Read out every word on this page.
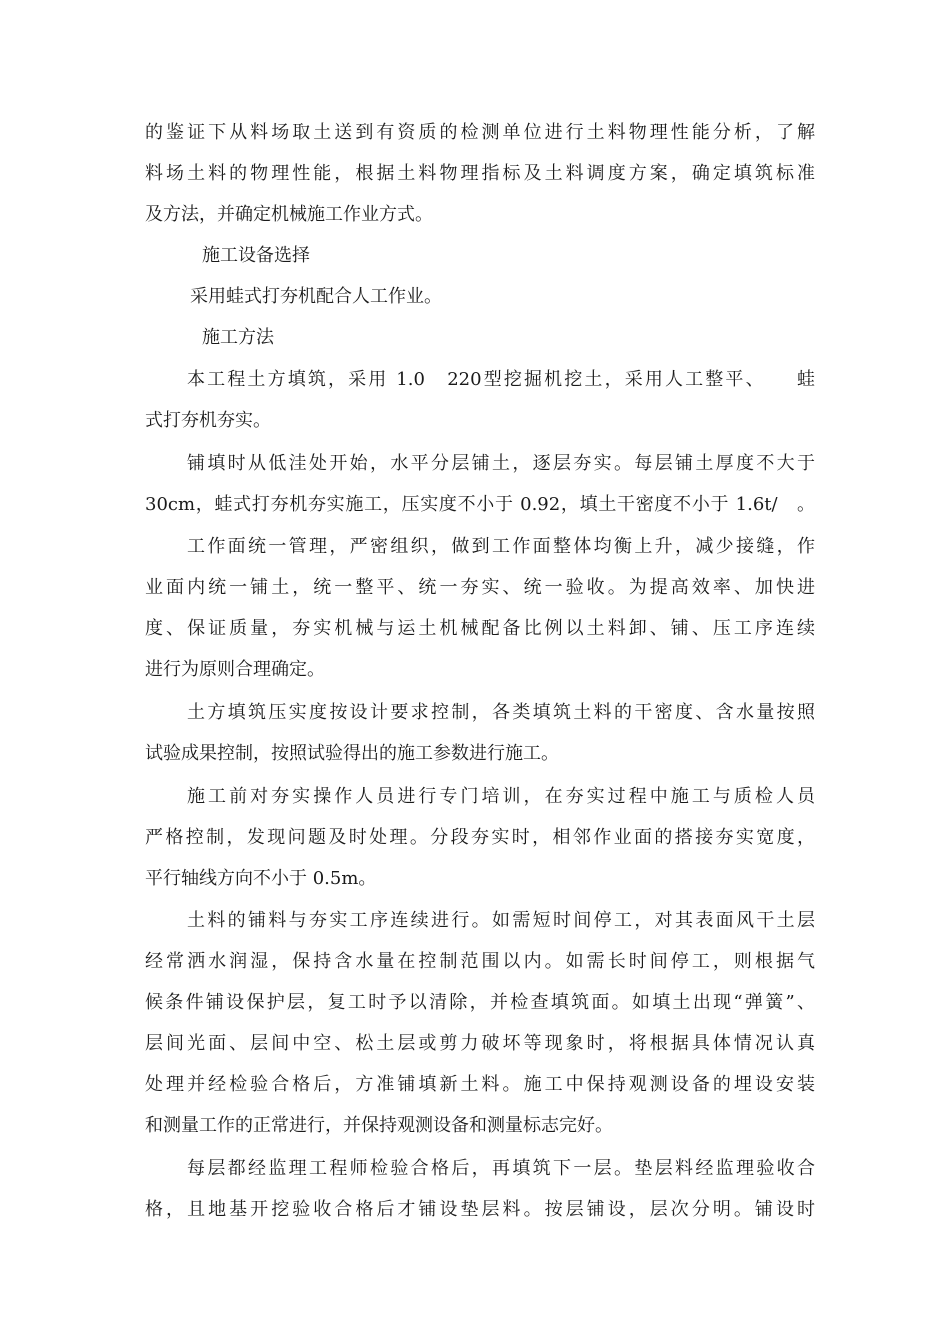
的鉴证下从料场取土送到有资质的检测单位进行土料物理性能分析，了解
料场土料的物理性能，根据土料物理指标及土料调度方案，确定填筑标准
及方法，并确定机械施工作业方式。
施工设备选择
采用蛙式打夯机配合人工作业。
施工方法
本工程土方填筑，采用 1.0　220型挖掘机挖土，采用人工整平、　　蛙
式打夯机夯实。
铺填时从低洼处开始，水平分层铺土，逐层夯实。每层铺土厚度不大于
30cm，蛙式打夯机夯实施工，压实度不小于 0.92，填土干密度不小于 1.6t/　。
工作面统一管理，严密组织，做到工作面整体均衡上升，减少接缝，作
业面内统一铺土，统一整平、统一夯实、统一验收。为提高效率、加快进
度、保证质量，夯实机械与运土机械配备比例以土料卸、铺、压工序连续
进行为原则合理确定。
土方填筑压实度按设计要求控制，各类填筑土料的干密度、含水量按照
试验成果控制，按照试验得出的施工参数进行施工。
施工前对夯实操作人员进行专门培训，在夯实过程中施工与质检人员
严格控制，发现问题及时处理。分段夯实时，相邻作业面的搭接夯实宽度，
平行轴线方向不小于 0.5m。
土料的铺料与夯实工序连续进行。如需短时间停工，对其表面风干土层
经常洒水润湿，保持含水量在控制范围以内。如需长时间停工，则根据气
候条件铺设保护层，复工时予以清除，并检查填筑面。如填土出现“弹簧”、
层间光面、层间中空、松土层或剪力破坏等现象时，将根据具体情况认真
处理并经检验合格后，方准铺填新土料。施工中保持观测设备的埋设安装
和测量工作的正常进行，并保持观测设备和测量标志完好。
每层都经监理工程师检验合格后，再填筑下一层。垫层料经监理验收合
格，且地基开挖验收合格后才铺设垫层料。按层铺设，层次分明。铺设时
